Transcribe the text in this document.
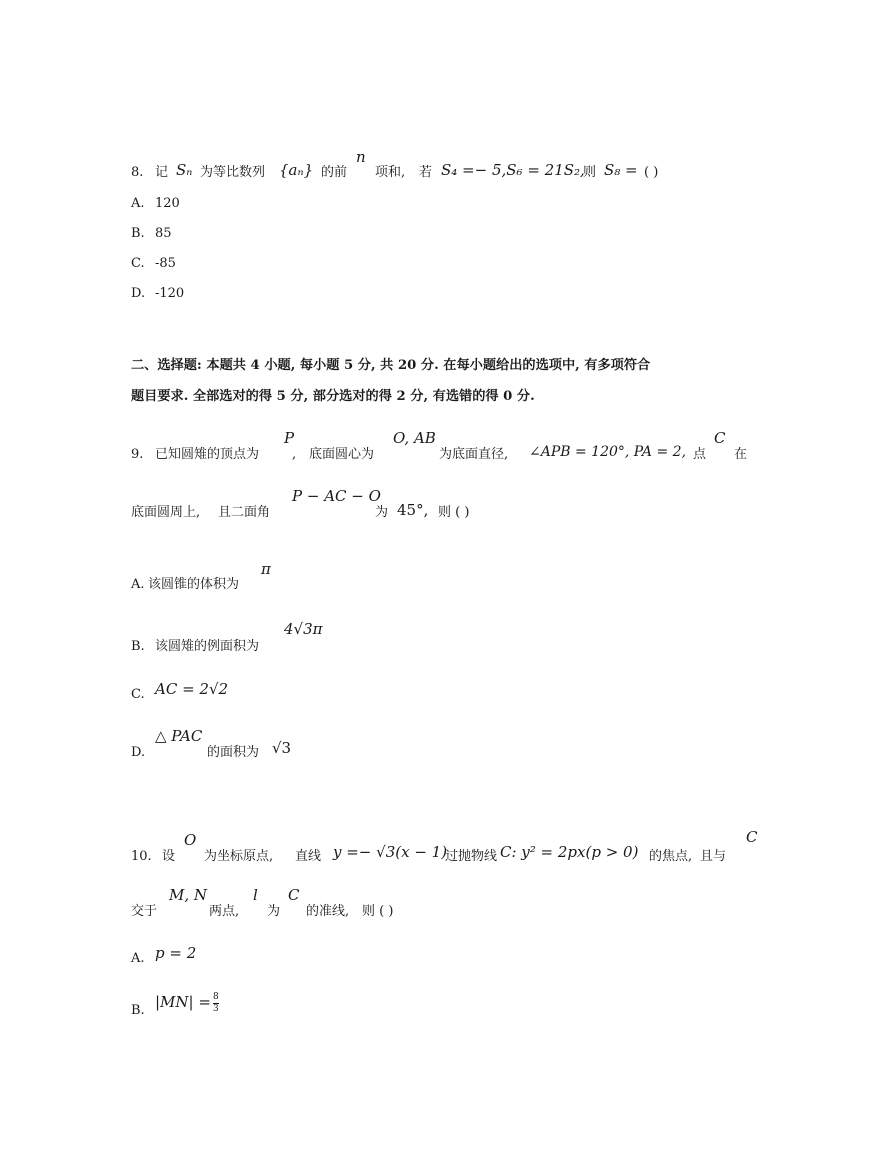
8. 记 Sₙ 为等比数列 {aₙ} 的前
n
项和, 若 S₄ =− 5,S₆ = 21S₂,
则 S₈ = ( )
A. 120
B. 85
C. -85
D. -120
二、选择题: 本题共 4 小题, 每小题 5 分, 共 20 分. 在每小题给出的选项中, 有多项符合
题目要求. 全部选对的得 5 分, 部分选对的得 2 分, 有选错的得 0 分.
9. 已知圆雉的顶点为
P
, 底面圆心为
O, AB
为底面直径, ∠APB = 120°, PA = 2, 点
C
在
底面圆周上, 且二面角
P − AC − O
为 45°, 则 ( )
A. 该圆锥的体积为
π
B. 该圆雉的例面积为
4√3π
C. AC = 2√2
D.
△ PAC
的面积为 √3
10. 设
O
为坐标原点, 直线 y =− √3(x − 1)
过抛物线 C: y² = 2px(p > 0) 的焦点, 且与
C
交于
M, N
两点,
l
为
C
的准线, 则 ( )
A. p = 2
B. $|MN| = \frac{8}{3}$
